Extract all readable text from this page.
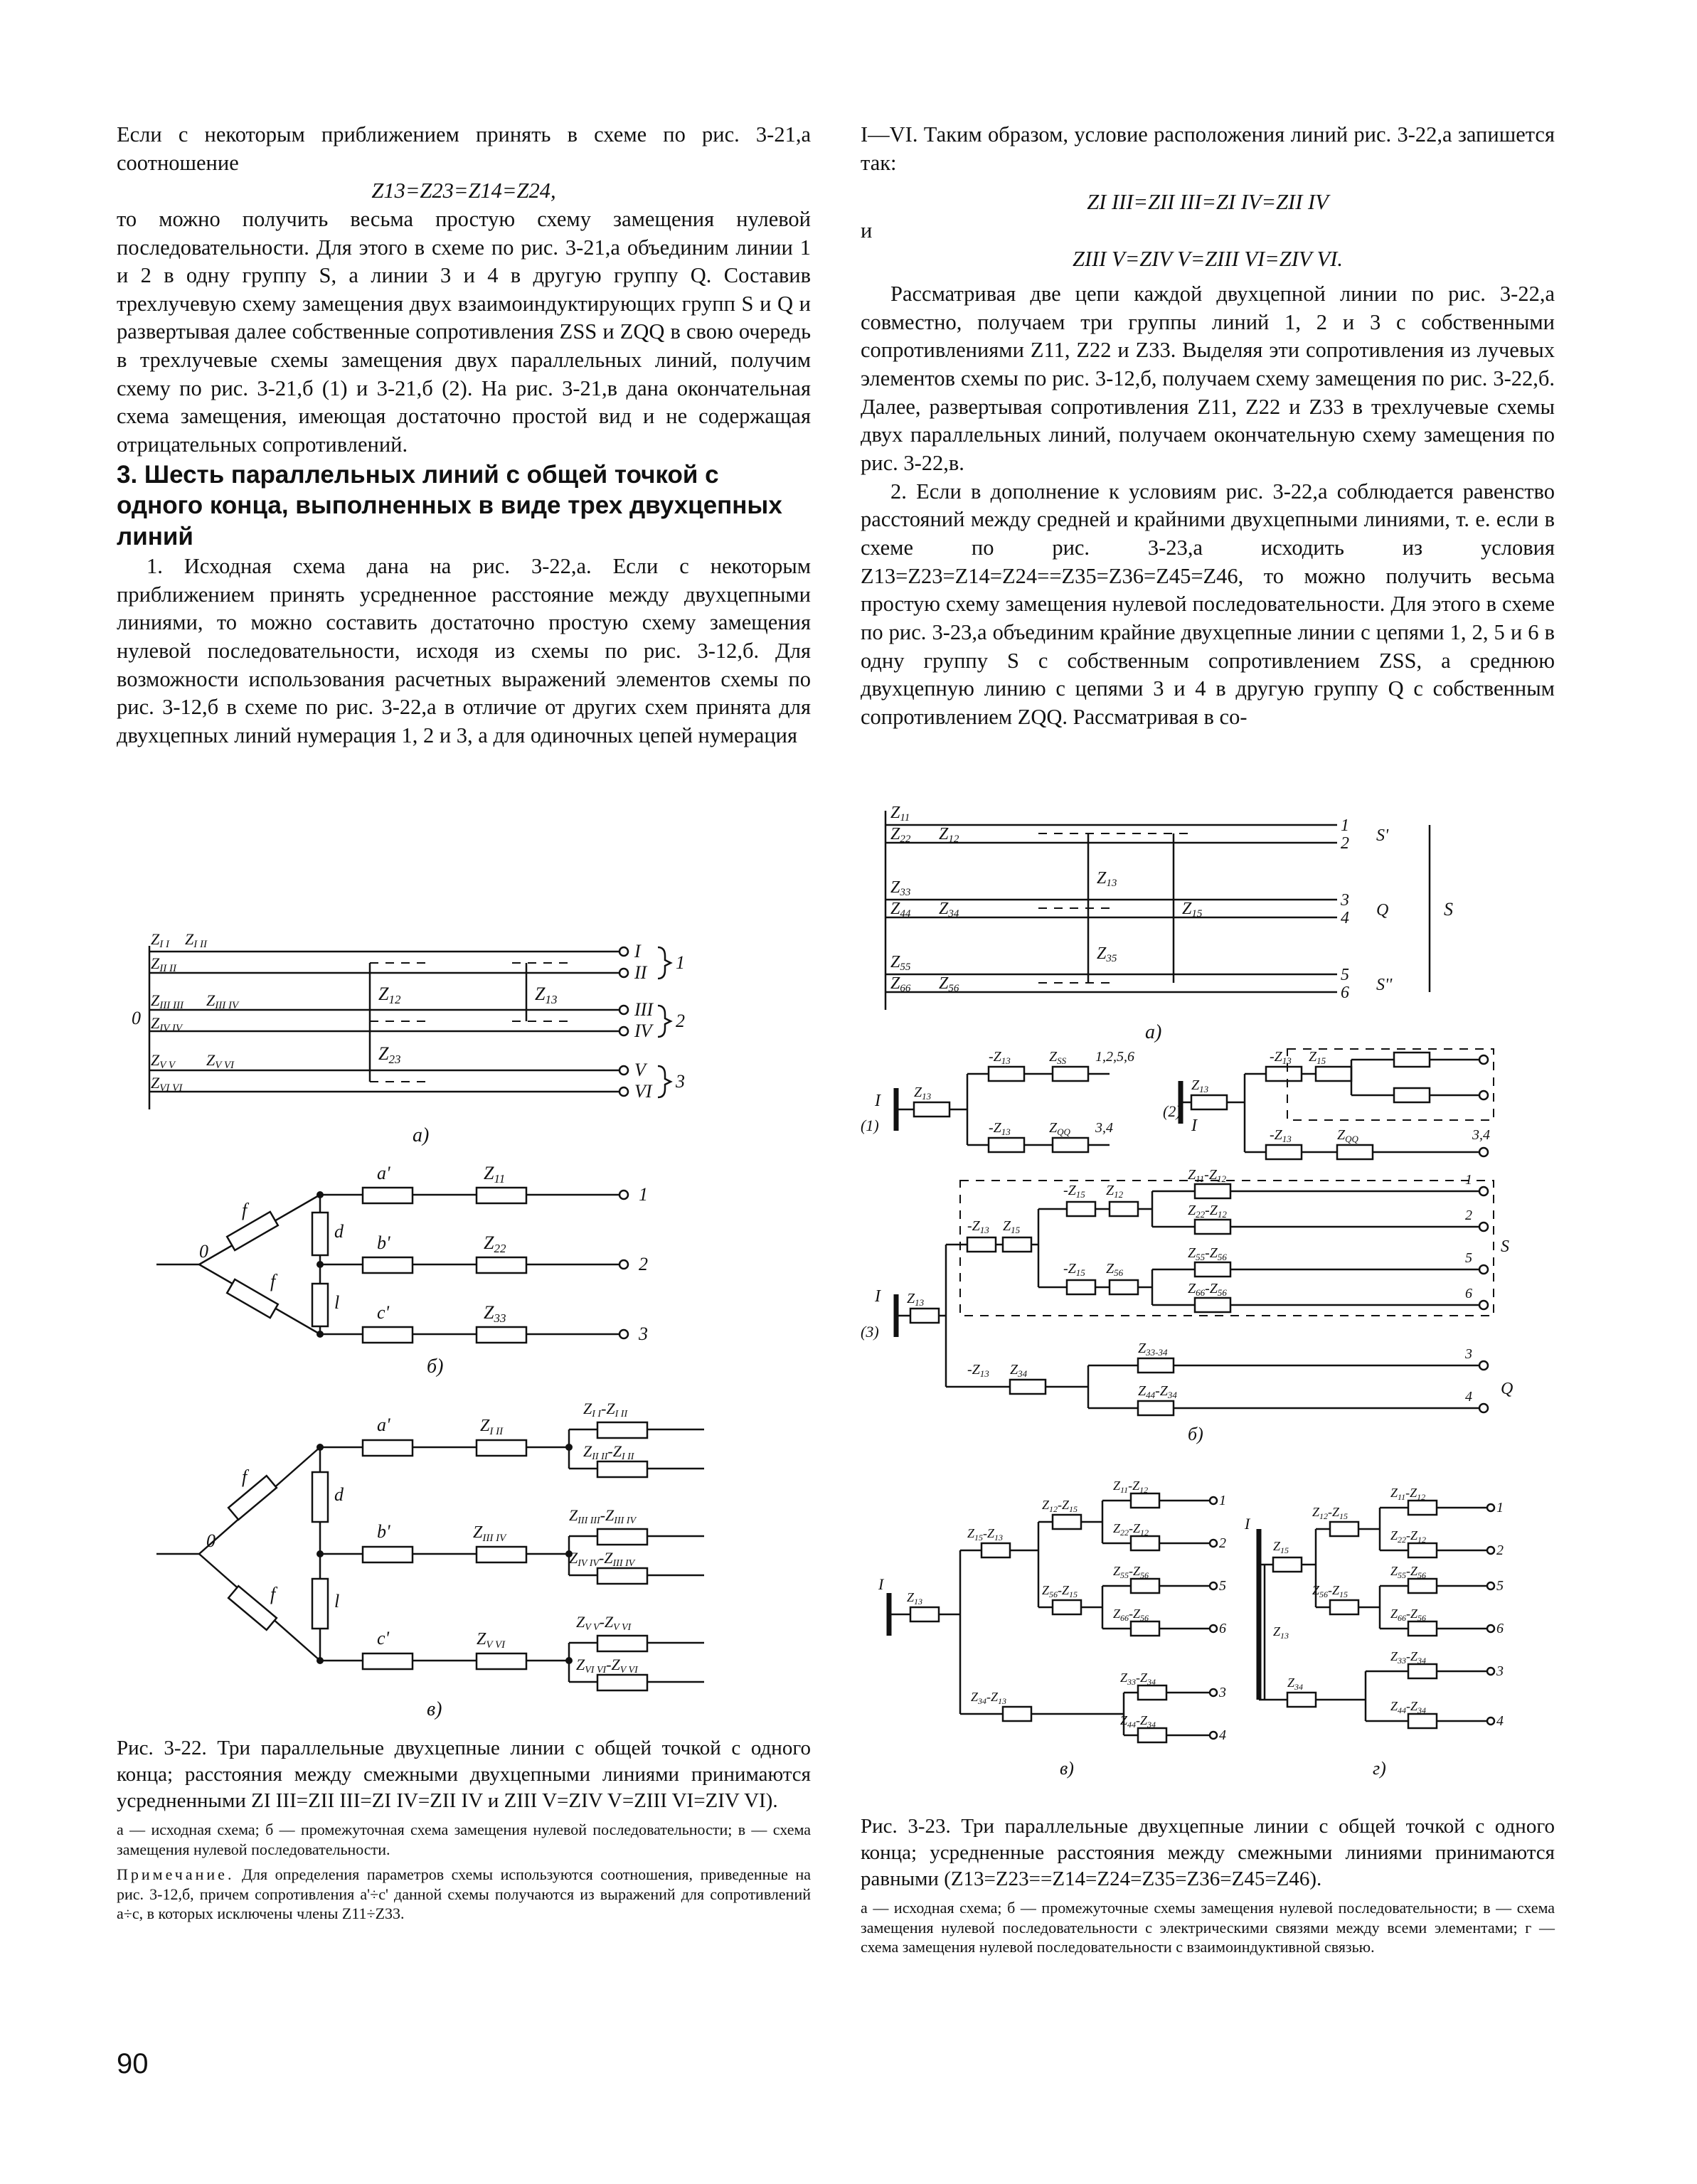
Если с некоторым приближением принять в схеме по рис. 3-21,а соотношение

Z13=Z23=Z14=Z24,

то можно получить весьма простую схему замещения нулевой последовательности. Для этого в схеме по рис. 3-21,а объединим линии 1 и 2 в одну группу S, а линии 3 и 4 в другую группу Q. Составив трехлучевую схему замещения двух взаимоиндуктирующих групп S и Q и развертывая далее собственные сопротивления ZSS и ZQQ в свою очередь в трехлучевые схемы замещения двух параллельных линий, получим схему по рис. 3-21,б (1) и 3-21,б (2). На рис. 3-21,в дана окончательная схема замещения, имеющая достаточно простой вид и не содержащая отрицательных сопротивлений.

3. Шесть параллельных линий с общей точкой с одного конца, выполненных в виде трех двухцепных линий

1. Исходная схема дана на рис. 3-22,а. Если с некоторым приближением принять усредненное расстояние между двухцепными линиями, то можно составить достаточно простую схему замещения нулевой последовательности, исходя из схемы по рис. 3-12,б. Для возможности использования расчетных выражений элементов схемы по рис. 3-12,б в схеме по рис. 3-22,а в отличие от других схем принята для двухцепных линий нумерация 1, 2 и 3, а для одиночных цепей нумерация

I—VI. Таким образом, условие расположения линий рис. 3-22,а запишется так:

ZI III=ZII III=ZI IV=ZII IV

и

ZIII V=ZIV V=ZIII VI=ZIV VI.

Рассматривая две цепи каждой двухцепной линии по рис. 3-22,а совместно, получаем три группы линий 1, 2 и 3 с собственными сопротивлениями Z11, Z22 и Z33. Выделяя эти сопротивления из лучевых элементов схемы по рис. 3-12,б, получаем схему замещения по рис. 3-22,б. Далее, развертывая сопротивления Z11, Z22 и Z33 в трехлучевые схемы двух параллельных линий, получаем окончательную схему замещения по рис. 3-22,в.

2. Если в дополнение к условиям рис. 3-22,а соблюдается равенство расстояний между средней и крайними двухцепными линиями, т. е. если в схеме по рис. 3-23,а исходить из условия Z13=Z23=Z14=Z24==Z35=Z36=Z45=Z46, то можно получить весьма простую схему замещения нулевой последовательности. Для этого в схеме по рис. 3-23,а объединим крайние двухцепные линии с цепями 1, 2, 5 и 6 в одну группу S с собственным сопротивлением ZSS, а среднюю двухцепную линию с цепями 3 и 4 в другую группу Q с собственным сопротивлением ZQQ. Рассматривая в со-

ZI I
ZII II
ZI II
ZIII III ZIII IV
ZIV IV
ZV V ZV VI
ZVI VI
Z12	Z13
Z23
0
I
II
III
IV
V
VI
1
2
3
а)
a'	Z11
b'	Z22
c'	Z33
f
f
d
l
0
1
2
3
б)
a'	$Z_{I II}$
b'	$Z_{III IV}$
c'	$Z_{V VI}$
ZI I-ZI II
ZII II-ZI II
ZIII III-ZIII IV
ZIV IV-ZIII IV
ZV V-ZV VI
ZVI VI-ZV VI
f
f
d
l
0
в)
Рис. 3-22. Три параллельные двухцепные линии с общей точкой с одного конца; расстояния между смежными двухцепными линиями принимаются усредненными ZI III=ZII III=ZI IV=ZII IV и ZIII V=ZIV V=ZIII VI=ZIV VI).
а — исходная схема; б — промежуточная схема замещения нулевой последовательности; в — схема замещения нулевой последовательности.
Примечание. Для определения параметров схемы используются соотношения, приведенные на рис. 3-12,б, причем сопротивления a'÷c' данной схемы получаются из выражений для сопротивлений a÷c, в которых исключены члены Z11÷Z33.
Z11
Z22 Z12
Z33
Z44 Z34
Z55
Z66 Z56
Z13
Z15
Z35
1
2
3
4
5
6
S'
Q
S''
S
а)
I
(1)
$Z_{13}$
$-Z_{13}$	$Z_{SS}$ 1,2,5,6
$-Z_{13}$	$Z_{QQ}$ 3,4
(2)
$Z_{13}$
I
$-Z_{13}$ $Z_{15}$
$-Z_{13}$	$Z_{QQ}$	3,4
I
(3)
$Z_{13}$
$-Z_{13}$ $Z_{15}$
$-Z_{15}$ $Z_{12}$
$-Z_{15}$ $Z_{56}$
$Z_{11}-Z_{12}$	1
$Z_{22}-Z_{12}$	2
$Z_{55}-Z_{56}$	5
$Z_{66}-Z_{56}$	6
S
$-Z_{13}$ $Z_{34}$
$Z_{33-34}$	3
$Z_{44}-Z_{34}$	4 Q
б)
I
$Z_{13}$
$Z_{15}-Z_{13}$
$Z_{12}-Z_{15}$
$Z_{56}-Z_{15}$
$Z_{34}-Z_{13}$
$Z_{11}-Z_{12}$
1
$Z_{22}-Z_{12}$
2
$Z_{55}-Z_{56}$
5
$Z_{66}-Z_{56}$
6
$Z_{33}-Z_{34}$
3
$Z_{44}-Z_{34}$
4
в)
I
$Z_{15}$
$Z_{13}$
$Z_{34}$
$Z_{12}-Z_{15}$
$Z_{56}-Z_{15}$
$Z_{11}-Z_{12}$
1
$Z_{22}-Z_{12}$
2
$Z_{55}-Z_{56}$
5
$Z_{66}-Z_{56}$
6
$Z_{33}-Z_{34}$
3
$Z_{44}-Z_{34}$
4
г)
Рис. 3-23. Три параллельные двухцепные линии с общей точкой с одного конца; усредненные расстояния между смежными линиями принимаются равными (Z13=Z23==Z14=Z24=Z35=Z36=Z45=Z46).
а — исходная схема; б — промежуточные схемы замещения нулевой последовательности; в — схема замещения нулевой последовательности с электрическими связями между всеми элементами; г — схема замещения нулевой последовательности с взаимоиндуктивной связью.
90
